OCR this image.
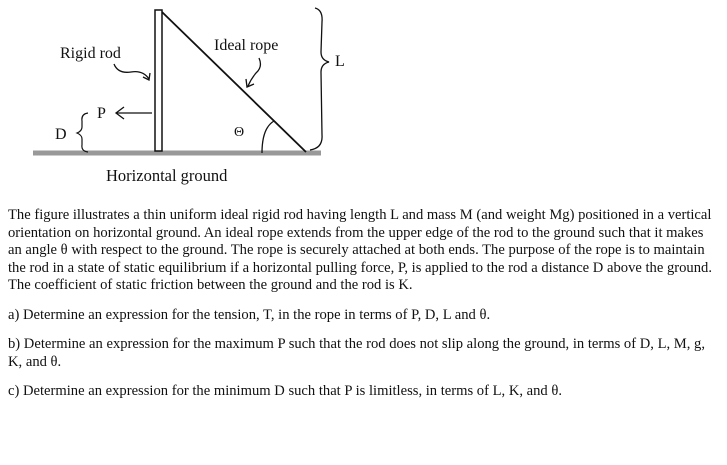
Rigid rod	Ideal rope
L
P
D	Θ
Horizontal ground

The figure illustrates a thin uniform ideal rigid rod having length L and mass M (and weight Mg) positioned in a vertical orientation on horizontal ground. An ideal rope extends from the upper edge of the rod to the ground such that it makes an angle θ with respect to the ground. The rope is securely attached at both ends. The purpose of the rope is to maintain the rod in a state of static equilibrium if a horizontal pulling force, P, is applied to the rod a distance D above the ground. The coefficient of static friction between the ground and the rod is K.

a) Determine an expression for the tension, T, in the rope in terms of P, D, L and θ.

b) Determine an expression for the maximum P such that the rod does not slip along the ground, in terms of D, L, M, g, K, and θ.

c) Determine an expression for the minimum D such that P is limitless, in terms of L, K, and θ.
